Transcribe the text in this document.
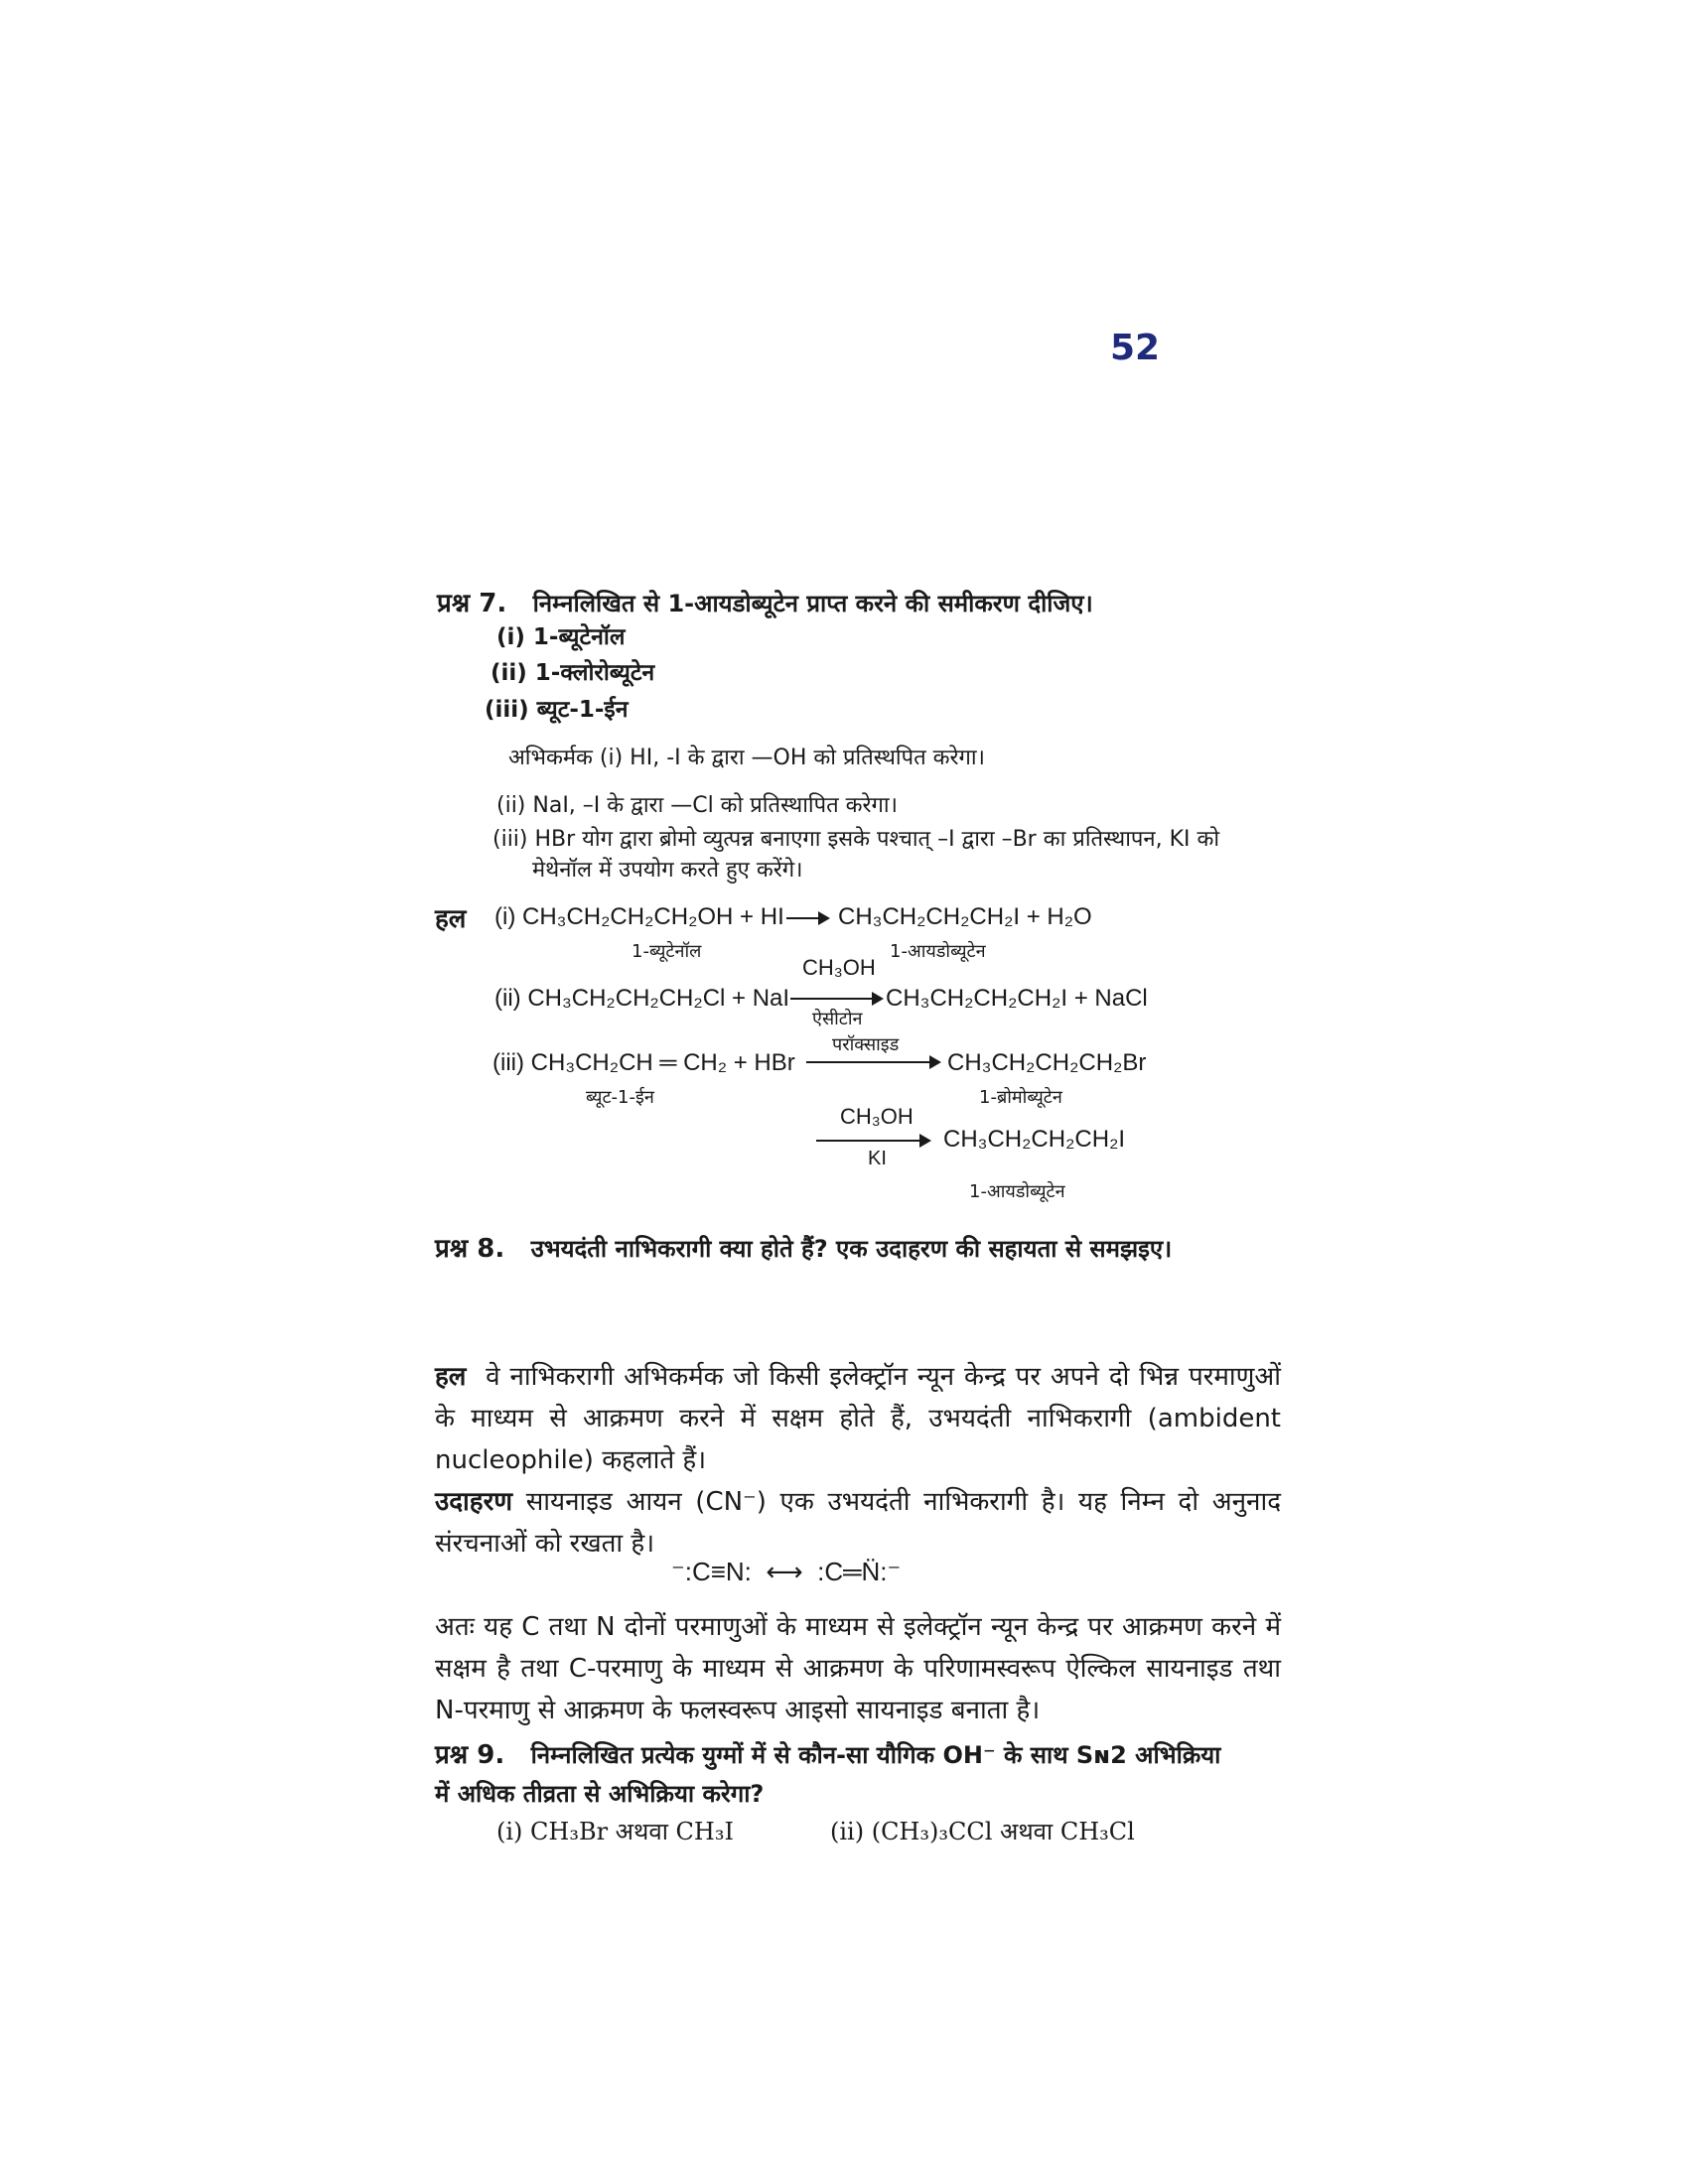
52
प्रश्न 7. निम्नलिखित से 1-आयडोब्यूटेन प्राप्त करने की समीकरण दीजिए।
(i) 1-ब्यूटेनॉल
(ii) 1-क्लोरोब्यूटेन
(iii) ब्यूट-1-ईन
अभिकर्मक (i) HI, -I के द्वारा —OH को प्रतिस्थपित करेगा।
(ii) NaI, –I के द्वारा —Cl को प्रतिस्थापित करेगा।
(iii) HBr योग द्वारा ब्रोमो व्युत्पन्न बनाएगा इसके पश्चात् –I द्वारा –Br का प्रतिस्थापन, KI को
मेथेनॉल में उपयोग करते हुए करेंगे।
हल (i) CH₃CH₂CH₂CH₂OH + HI → CH₃CH₂CH₂CH₂I + H₂O
1-ब्यूटेनॉल	1-आयडोब्यूटेन
(ii) CH₃CH₂CH₂CH₂Cl + NaI
CH₃OH
ऐसीटोन
CH₃CH₂CH₂CH₂I + NaCl
(iii) CH₃CH₂CH ═ CH₂ + HBr
परॉक्साइड
CH₃CH₂CH₂CH₂Br
ब्यूट-1-ईन	1-ब्रोमोब्यूटेन
CH₃OH
KI
CH₃CH₂CH₂CH₂I
1-आयडोब्यूटेन
प्रश्न 8. उभयदंती नाभिकरागी क्या होते हैं? एक उदाहरण की सहायता से समझइए।
हल वे नाभिकरागी अभिकर्मक जो किसी इलेक्ट्रॉन न्यून केन्द्र पर अपने दो भिन्न परमाणुओं के माध्यम से आक्रमण करने में सक्षम होते हैं, उभयदंती नाभिकरागी (ambident nucleophile) कहलाते हैं।
उदाहरण सायनाइड आयन (CN⁻) एक उभयदंती नाभिकरागी है। यह निम्न दो अनुनाद संरचनाओं को रखता है।
⁻:C≡N: ⟷ :C═N̈:⁻
अतः यह C तथा N दोनों परमाणुओं के माध्यम से इलेक्ट्रॉन न्यून केन्द्र पर आक्रमण करने में सक्षम है तथा C-परमाणु के माध्यम से आक्रमण के परिणामस्वरूप ऐल्किल सायनाइड तथा N-परमाणु से आक्रमण के फलस्वरूप आइसो सायनाइड बनाता है।
प्रश्न 9. निम्नलिखित प्रत्येक युग्मों में से कौन-सा यौगिक OH⁻ के साथ Sɴ2 अभिक्रिया
में अधिक तीव्रता से अभिक्रिया करेगा?
(i) CH₃Br अथवा CH₃I	(ii) (CH₃)₃CCl अथवा CH₃Cl
